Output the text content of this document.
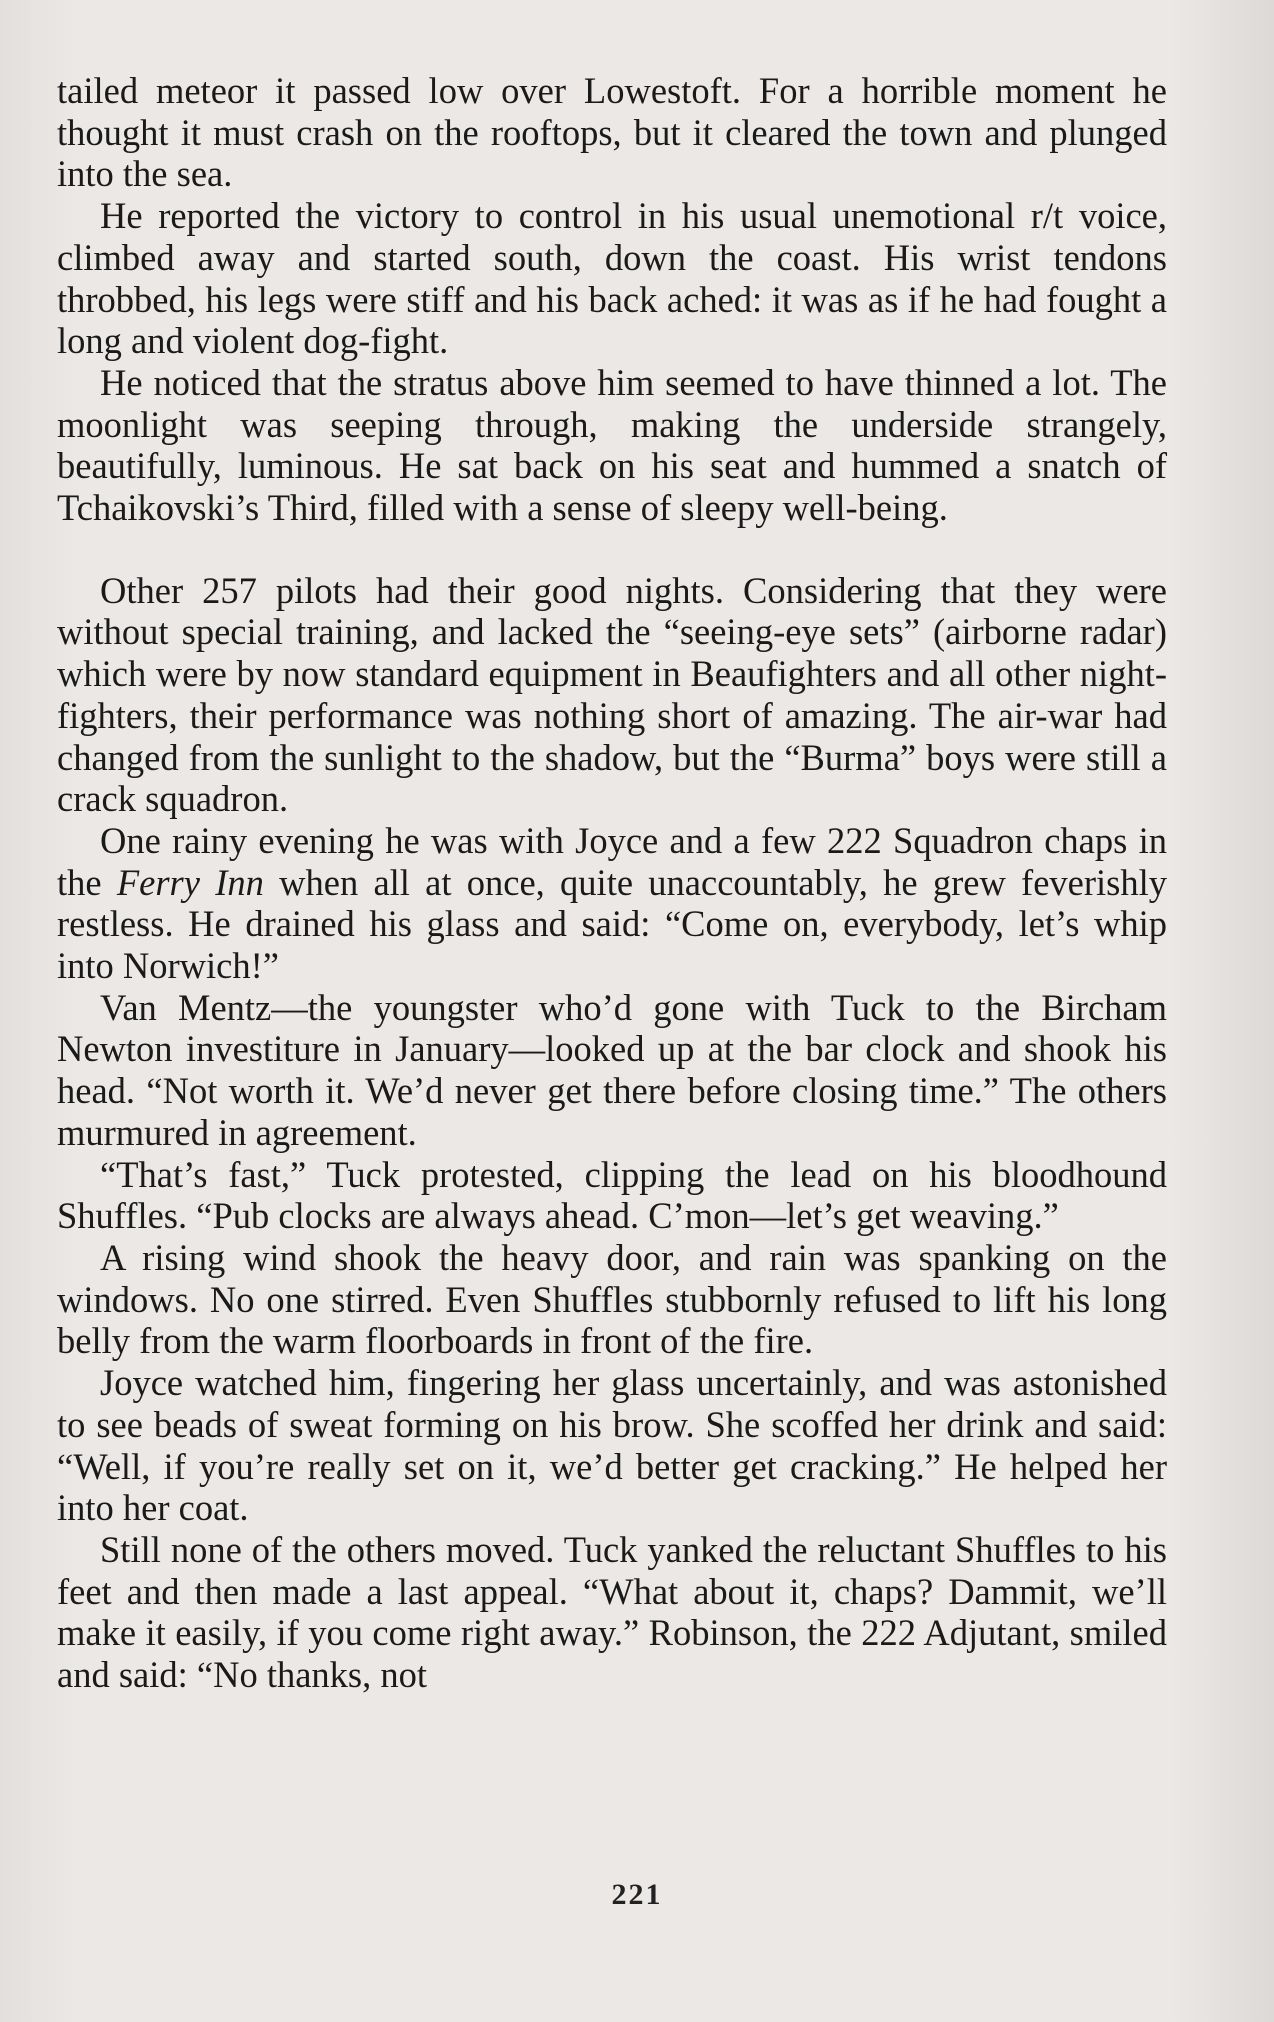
tailed meteor it passed low over Lowestoft. For a horrible moment he thought it must crash on the rooftops, but it cleared the town and plunged into the sea.

He reported the victory to control in his usual unemotional r/t voice, climbed away and started south, down the coast. His wrist tendons throbbed, his legs were stiff and his back ached: it was as if he had fought a long and violent dog-fight.

He noticed that the stratus above him seemed to have thinned a lot. The moonlight was seeping through, making the underside strangely, beautifully, luminous. He sat back on his seat and hummed a snatch of Tchaikovski’s Third, filled with a sense of sleepy well-being.

Other 257 pilots had their good nights. Considering that they were without special training, and lacked the “seeing-eye sets” (airborne radar) which were by now standard equipment in Beaufighters and all other night-fighters, their performance was nothing short of amazing. The air-war had changed from the sunlight to the shadow, but the “Burma” boys were still a crack squadron.

One rainy evening he was with Joyce and a few 222 Squadron chaps in the Ferry Inn when all at once, quite unaccountably, he grew feverishly restless. He drained his glass and said: “Come on, everybody, let’s whip into Norwich!”

Van Mentz—the youngster who’d gone with Tuck to the Bircham Newton investiture in January—looked up at the bar clock and shook his head. “Not worth it. We’d never get there before closing time.” The others murmured in agreement.

“That’s fast,” Tuck protested, clipping the lead on his bloodhound Shuffles. “Pub clocks are always ahead. C’mon—let’s get weaving.”

A rising wind shook the heavy door, and rain was spanking on the windows. No one stirred. Even Shuffles stubbornly refused to lift his long belly from the warm floorboards in front of the fire.

Joyce watched him, fingering her glass uncertainly, and was astonished to see beads of sweat forming on his brow. She scoffed her drink and said: “Well, if you’re really set on it, we’d better get cracking.” He helped her into her coat.

Still none of the others moved. Tuck yanked the reluctant Shuffles to his feet and then made a last appeal. “What about it, chaps? Dammit, we’ll make it easily, if you come right away.” Robinson, the 222 Adjutant, smiled and said: “No thanks, not

221
